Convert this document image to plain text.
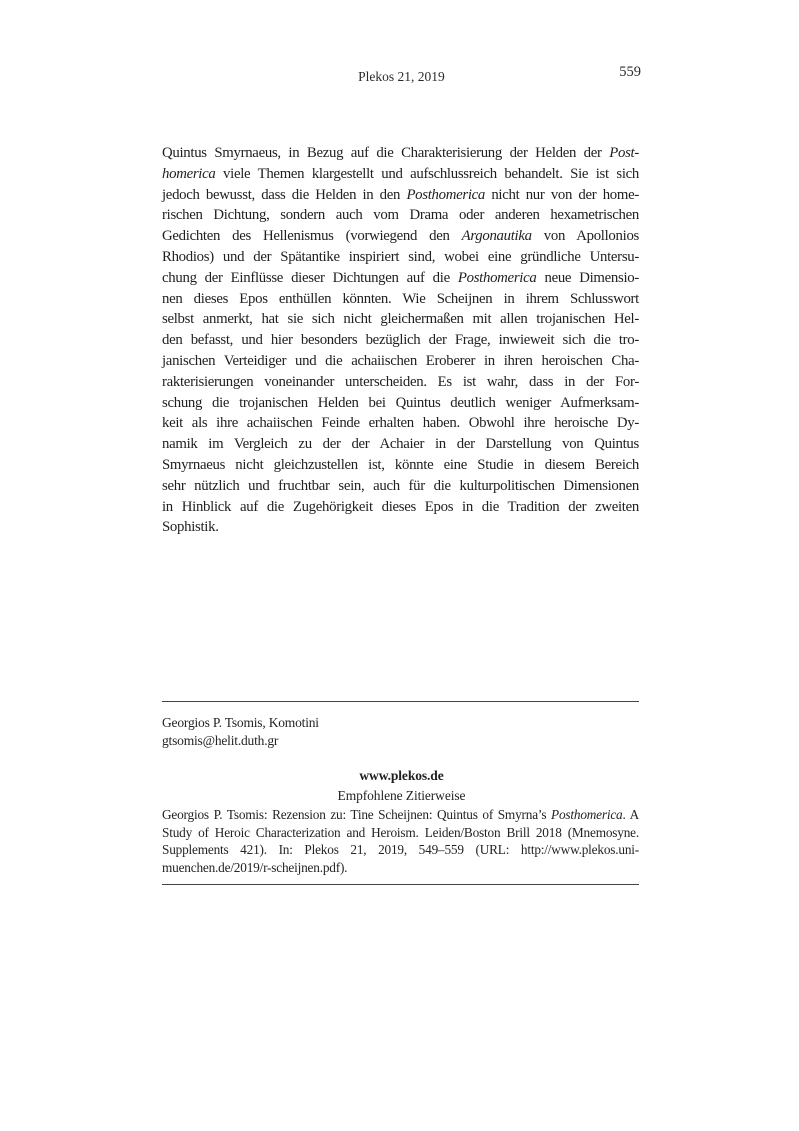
Plekos 21, 2019	559
Quintus Smyrnaeus, in Bezug auf die Charakterisierung der Helden der Post-
homerica viele Themen klargestellt und aufschlussreich behandelt. Sie ist sich
jedoch bewusst, dass die Helden in den Posthomerica nicht nur von der home-
rischen Dichtung, sondern auch vom Drama oder anderen hexametrischen
Gedichten des Hellenismus (vorwiegend den Argonautika von Apollonios
Rhodios) und der Spätantike inspiriert sind, wobei eine gründliche Untersu-
chung der Einflüsse dieser Dichtungen auf die Posthomerica neue Dimensio-
nen dieses Epos enthüllen könnten. Wie Scheijnen in ihrem Schlusswort
selbst anmerkt, hat sie sich nicht gleichermaßen mit allen trojanischen Hel-
den befasst, und hier besonders bezüglich der Frage, inwieweit sich die tro-
janischen Verteidiger und die achaiischen Eroberer in ihren heroischen Cha-
rakterisierungen voneinander unterscheiden. Es ist wahr, dass in der For-
schung die trojanischen Helden bei Quintus deutlich weniger Aufmerksam-
keit als ihre achaiischen Feinde erhalten haben. Obwohl ihre heroische Dy-
namik im Vergleich zu der der Achaier in der Darstellung von Quintus
Smyrnaeus nicht gleichzustellen ist, könnte eine Studie in diesem Bereich
sehr nützlich und fruchtbar sein, auch für die kulturpolitischen Dimensionen
in Hinblick auf die Zugehörigkeit dieses Epos in die Tradition der zweiten
Sophistik.
Georgios P. Tsomis, Komotini
gtsomis@helit.duth.gr
www.plekos.de
Empfohlene Zitierweise
Georgios P. Tsomis: Rezension zu: Tine Scheijnen: Quintus of Smyrna’s Posthomerica. A
Study of Heroic Characterization and Heroism. Leiden/Boston Brill 2018 (Mnemosyne.
Supplements 421). In: Plekos 21, 2019, 549–559 (URL: http://www.plekos.uni-
muenchen.de/2019/r-scheijnen.pdf).
